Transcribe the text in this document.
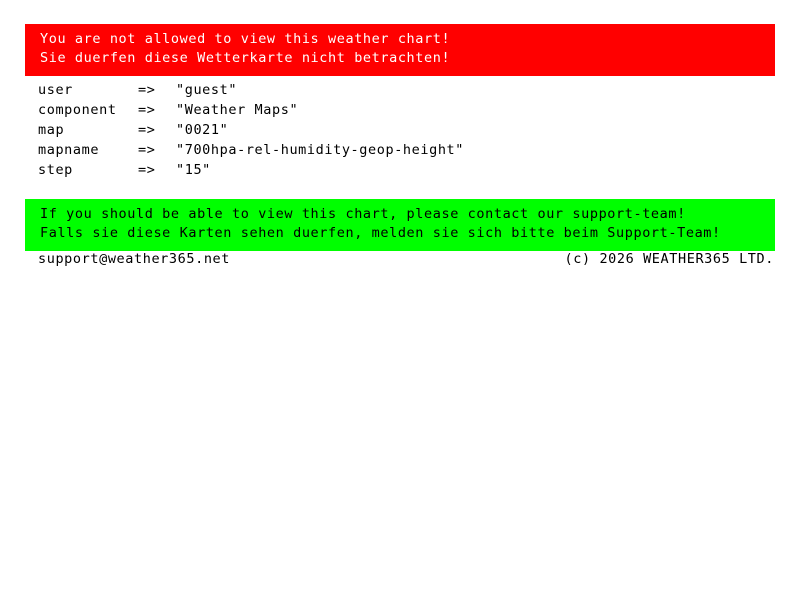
You are not allowed to view this weather chart!
Sie duerfen diese Wetterkarte nicht betrachten!
user	=>	"guest"
component	=>	"Weather Maps"
map	=>	"0021"
mapname	=>	"700hpa-rel-humidity-geop-height"
step	=>	"15"
If you should be able to view this chart, please contact our support-team!
Falls sie diese Karten sehen duerfen, melden sie sich bitte beim Support-Team!
support@weather365.net	(c) 2026 WEATHER365 LTD.
